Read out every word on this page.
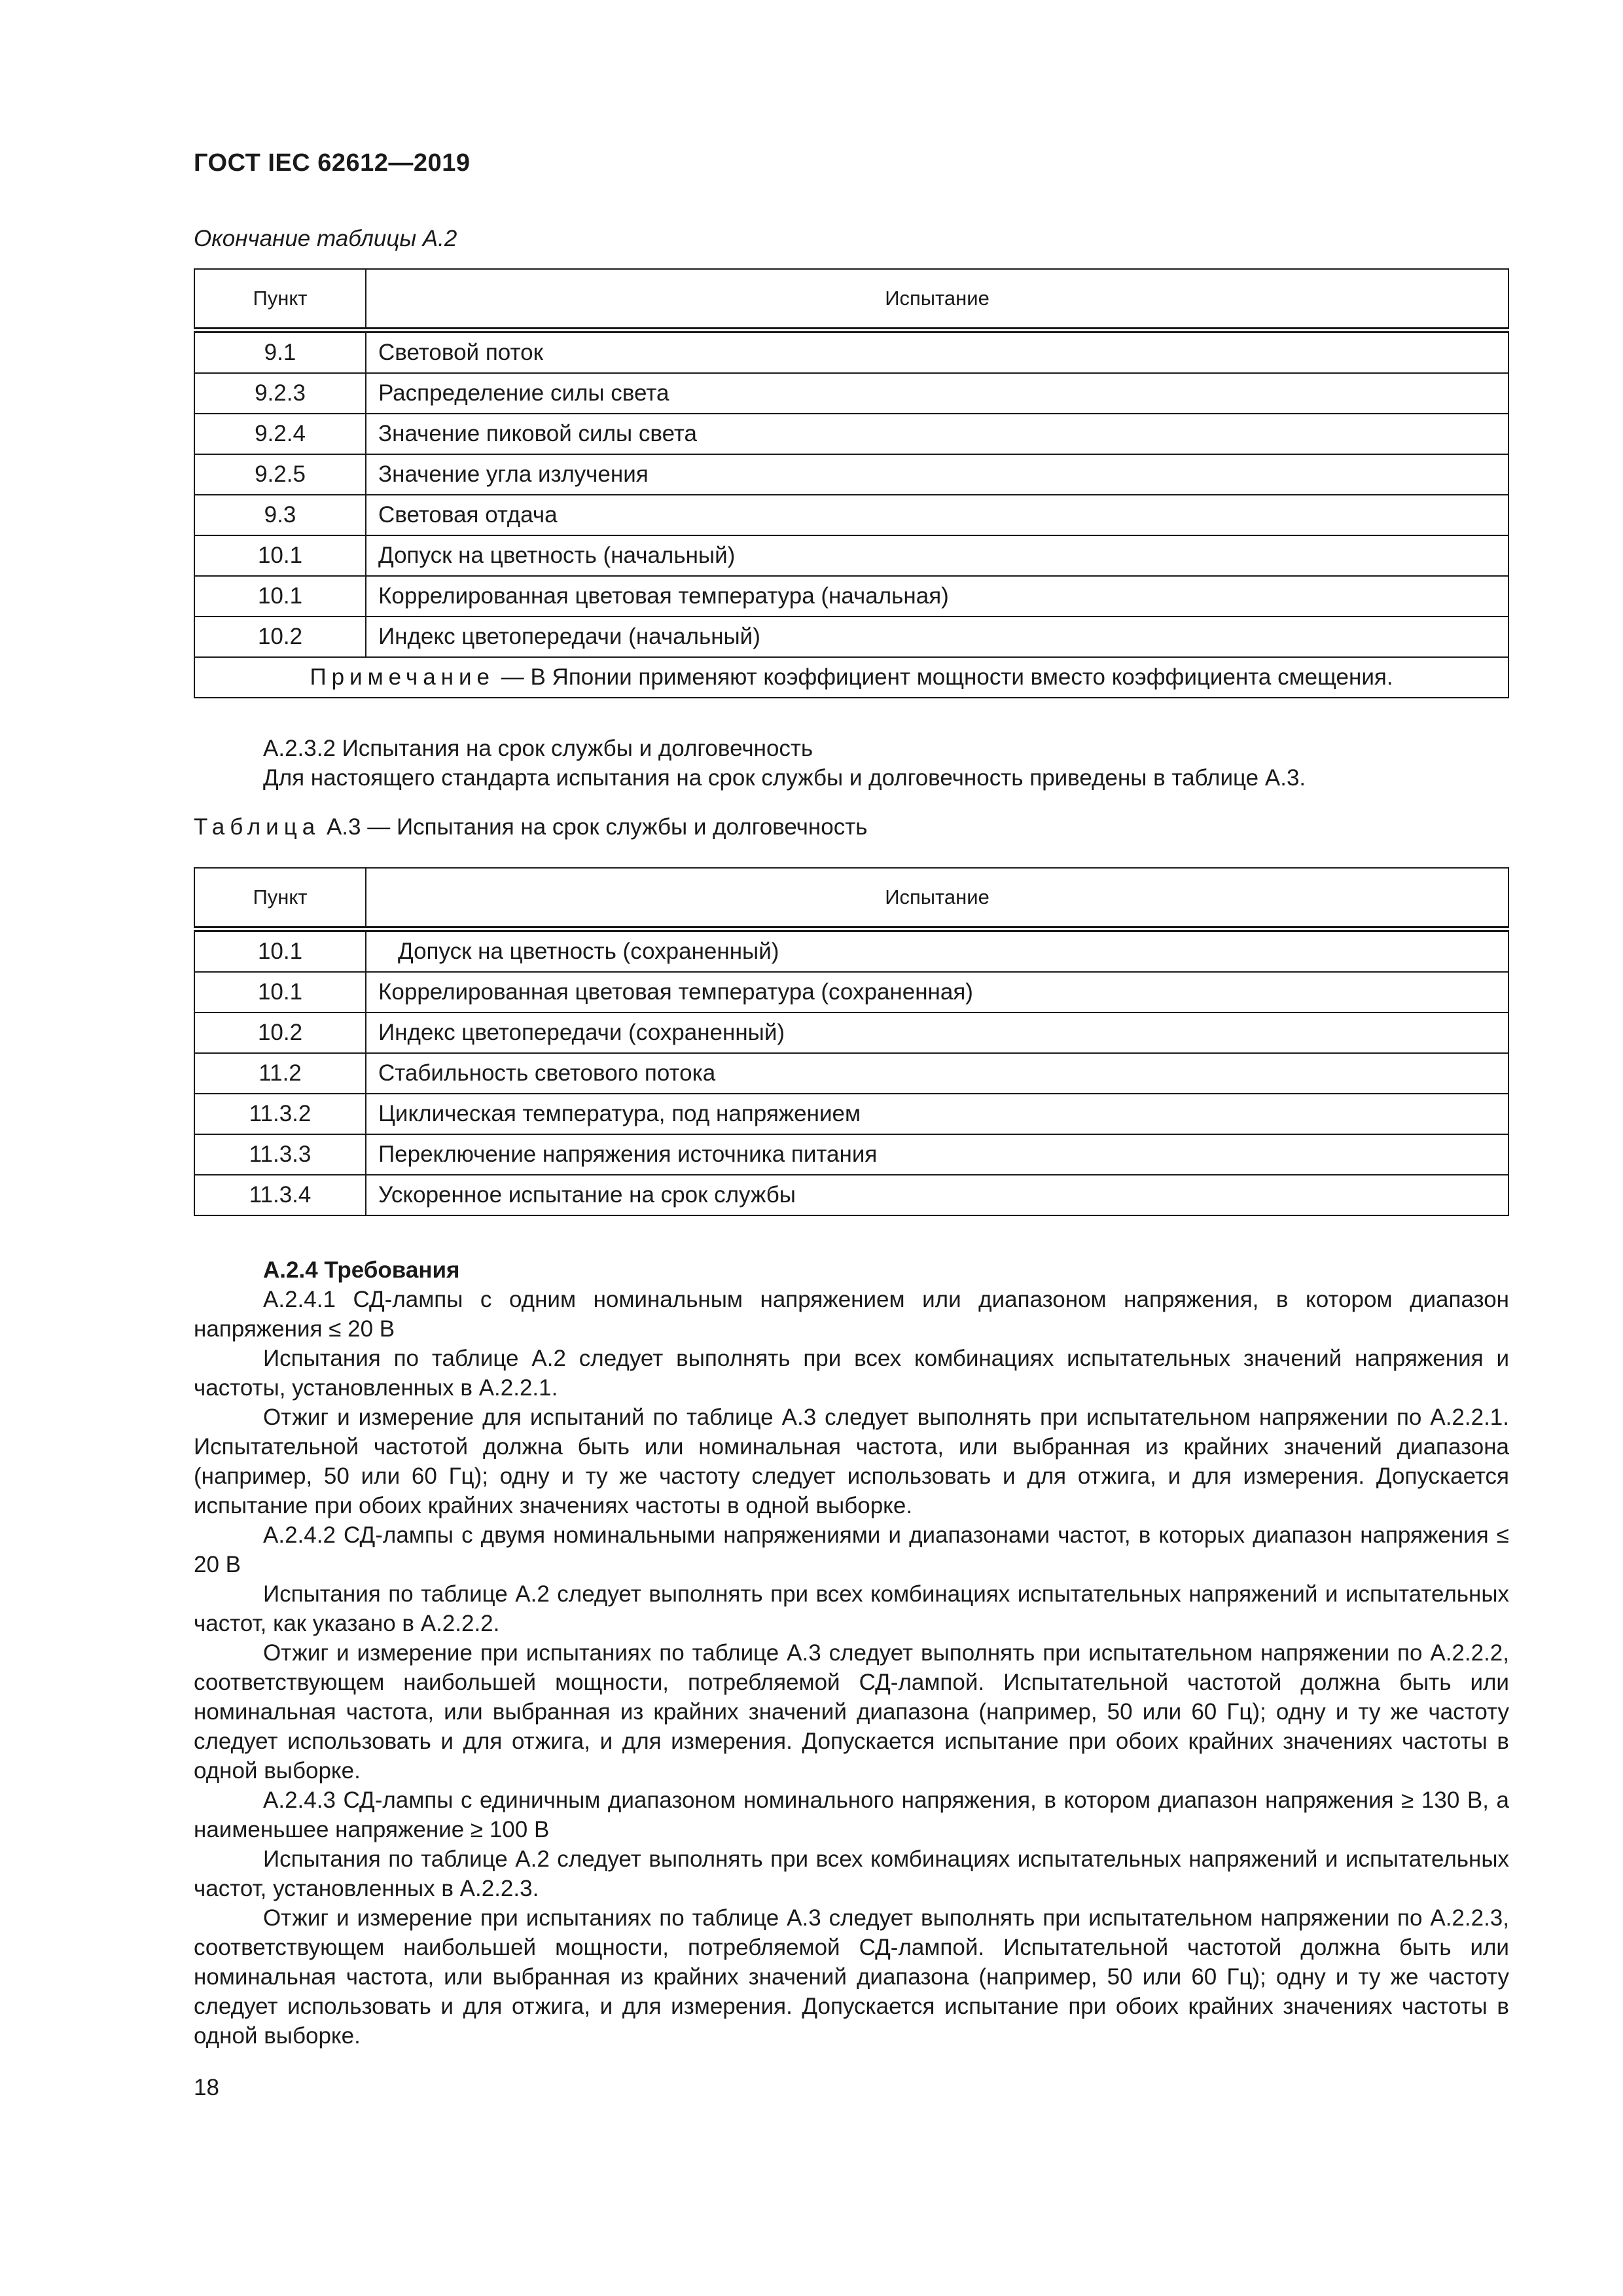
ГОСТ IEC 62612—2019
Окончание таблицы А.2
Пункт	Испытание
9.1	Световой поток
9.2.3	Распределение силы света
9.2.4	Значение пиковой силы света
9.2.5	Значение угла излучения
9.3	Световая отдача
10.1	Допуск на цветность (начальный)
10.1	Коррелированная цветовая температура (начальная)
10.2	Индекс цветопередачи (начальный)
Примечание — В Японии применяют коэффициент мощности вместо коэффициента смещения.	

А.2.3.2 Испытания на срок службы и долговечность

Для настоящего стандарта испытания на срок службы и долговечность приведены в таблице А.3.

Таблица А.3 — Испытания на срок службы и долговечность
Пункт	Испытание
10.1	Допуск на цветность (сохраненный)
10.1	Коррелированная цветовая температура (сохраненная)
10.2	Индекс цветопередачи (сохраненный)
11.2	Стабильность светового потока
11.3.2	Циклическая температура, под напряжением
11.3.3	Переключение напряжения источника питания
11.3.4	Ускоренное испытание на срок службы

А.2.4 Требования

А.2.4.1 СД-лампы с одним номинальным напряжением или диапазоном напряжения, в котором диапазон напряжения ≤ 20 В

Испытания по таблице А.2 следует выполнять при всех комбинациях испытательных значений напряжения и частоты, установленных в А.2.2.1.

Отжиг и измерение для испытаний по таблице А.3 следует выполнять при испытательном напряжении по А.2.2.1. Испытательной частотой должна быть или номинальная частота, или выбранная из крайних значений диапазона (например, 50 или 60 Гц); одну и ту же частоту следует использовать и для отжига, и для измерения. Допускается испытание при обоих крайних значениях частоты в одной выборке.

А.2.4.2 СД-лампы с двумя номинальными напряжениями и диапазонами частот, в которых диапазон напряжения ≤ 20 В

Испытания по таблице А.2 следует выполнять при всех комбинациях испытательных напряжений и испытательных частот, как указано в А.2.2.2.

Отжиг и измерение при испытаниях по таблице А.3 следует выполнять при испытательном напряжении по А.2.2.2, соответствующем наибольшей мощности, потребляемой СД-лампой. Испытательной частотой должна быть или номинальная частота, или выбранная из крайних значений диапазона (например, 50 или 60 Гц); одну и ту же частоту следует использовать и для отжига, и для измерения. Допускается испытание при обоих крайних значениях частоты в одной выборке.

А.2.4.3 СД-лампы с единичным диапазоном номинального напряжения, в котором диапазон напряжения ≥ 130 В, а наименьшее напряжение ≥ 100 В

Испытания по таблице А.2 следует выполнять при всех комбинациях испытательных напряжений и испытательных частот, установленных в А.2.2.3.

Отжиг и измерение при испытаниях по таблице А.3 следует выполнять при испытательном напряжении по А.2.2.3, соответствующем наибольшей мощности, потребляемой СД-лампой. Испытательной частотой должна быть или номинальная частота, или выбранная из крайних значений диапазона (например, 50 или 60 Гц); одну и ту же частоту следует использовать и для отжига, и для измерения. Допускается испытание при обоих крайних значениях частоты в одной выборке.

18
